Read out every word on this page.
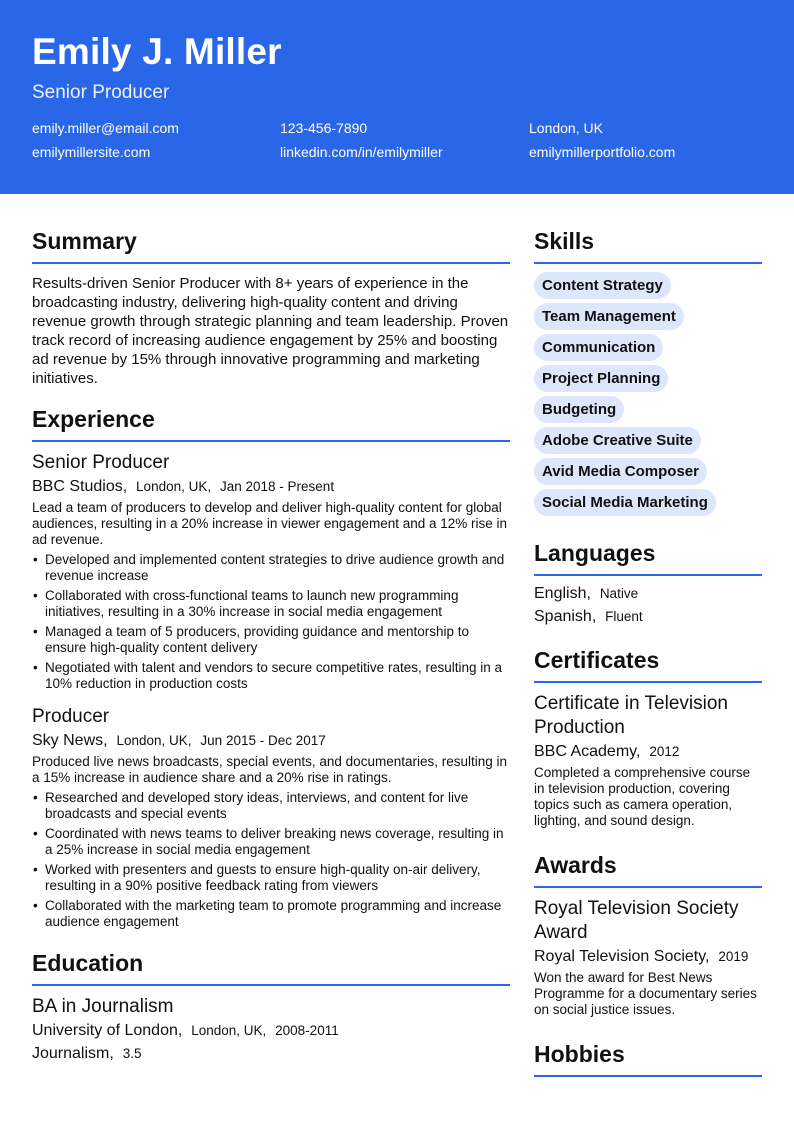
Emily J. Miller
Senior Producer
emily.miller@email.com	123-456-7890	London, UK
emilymillersite.com	linkedin.com/in/emilymiller	emilymillerportfolio.com
Summary
Results-driven Senior Producer with 8+ years of experience in the broadcasting industry, delivering high-quality content and driving revenue growth through strategic planning and team leadership. Proven track record of increasing audience engagement by 25% and boosting ad revenue by 15% through innovative programming and marketing initiatives.
Experience
Senior Producer
BBC Studios, London, UK, Jan 2018 - Present
Lead a team of producers to develop and deliver high-quality content for global audiences, resulting in a 20% increase in viewer engagement and a 12% rise in ad revenue.
• Developed and implemented content strategies to drive audience growth and revenue increase
• Collaborated with cross-functional teams to launch new programming initiatives, resulting in a 30% increase in social media engagement
• Managed a team of 5 producers, providing guidance and mentorship to ensure high-quality content delivery
• Negotiated with talent and vendors to secure competitive rates, resulting in a 10% reduction in production costs
Producer
Sky News, London, UK, Jun 2015 - Dec 2017
Produced live news broadcasts, special events, and documentaries, resulting in a 15% increase in audience share and a 20% rise in ratings.
• Researched and developed story ideas, interviews, and content for live broadcasts and special events
• Coordinated with news teams to deliver breaking news coverage, resulting in a 25% increase in social media engagement
• Worked with presenters and guests to ensure high-quality on-air delivery, resulting in a 90% positive feedback rating from viewers
• Collaborated with the marketing team to promote programming and increase audience engagement
Education
BA in Journalism
University of London, London, UK, 2008-2011
Journalism, 3.5
Skills
Content Strategy
Team Management
Communication
Project Planning
Budgeting
Adobe Creative Suite
Avid Media Composer
Social Media Marketing
Languages
English, Native
Spanish, Fluent
Certificates
Certificate in Television Production
BBC Academy, 2012
Completed a comprehensive course in television production, covering topics such as camera operation, lighting, and sound design.
Awards
Royal Television Society Award
Royal Television Society, 2019
Won the award for Best News Programme for a documentary series on social justice issues.
Hobbies
